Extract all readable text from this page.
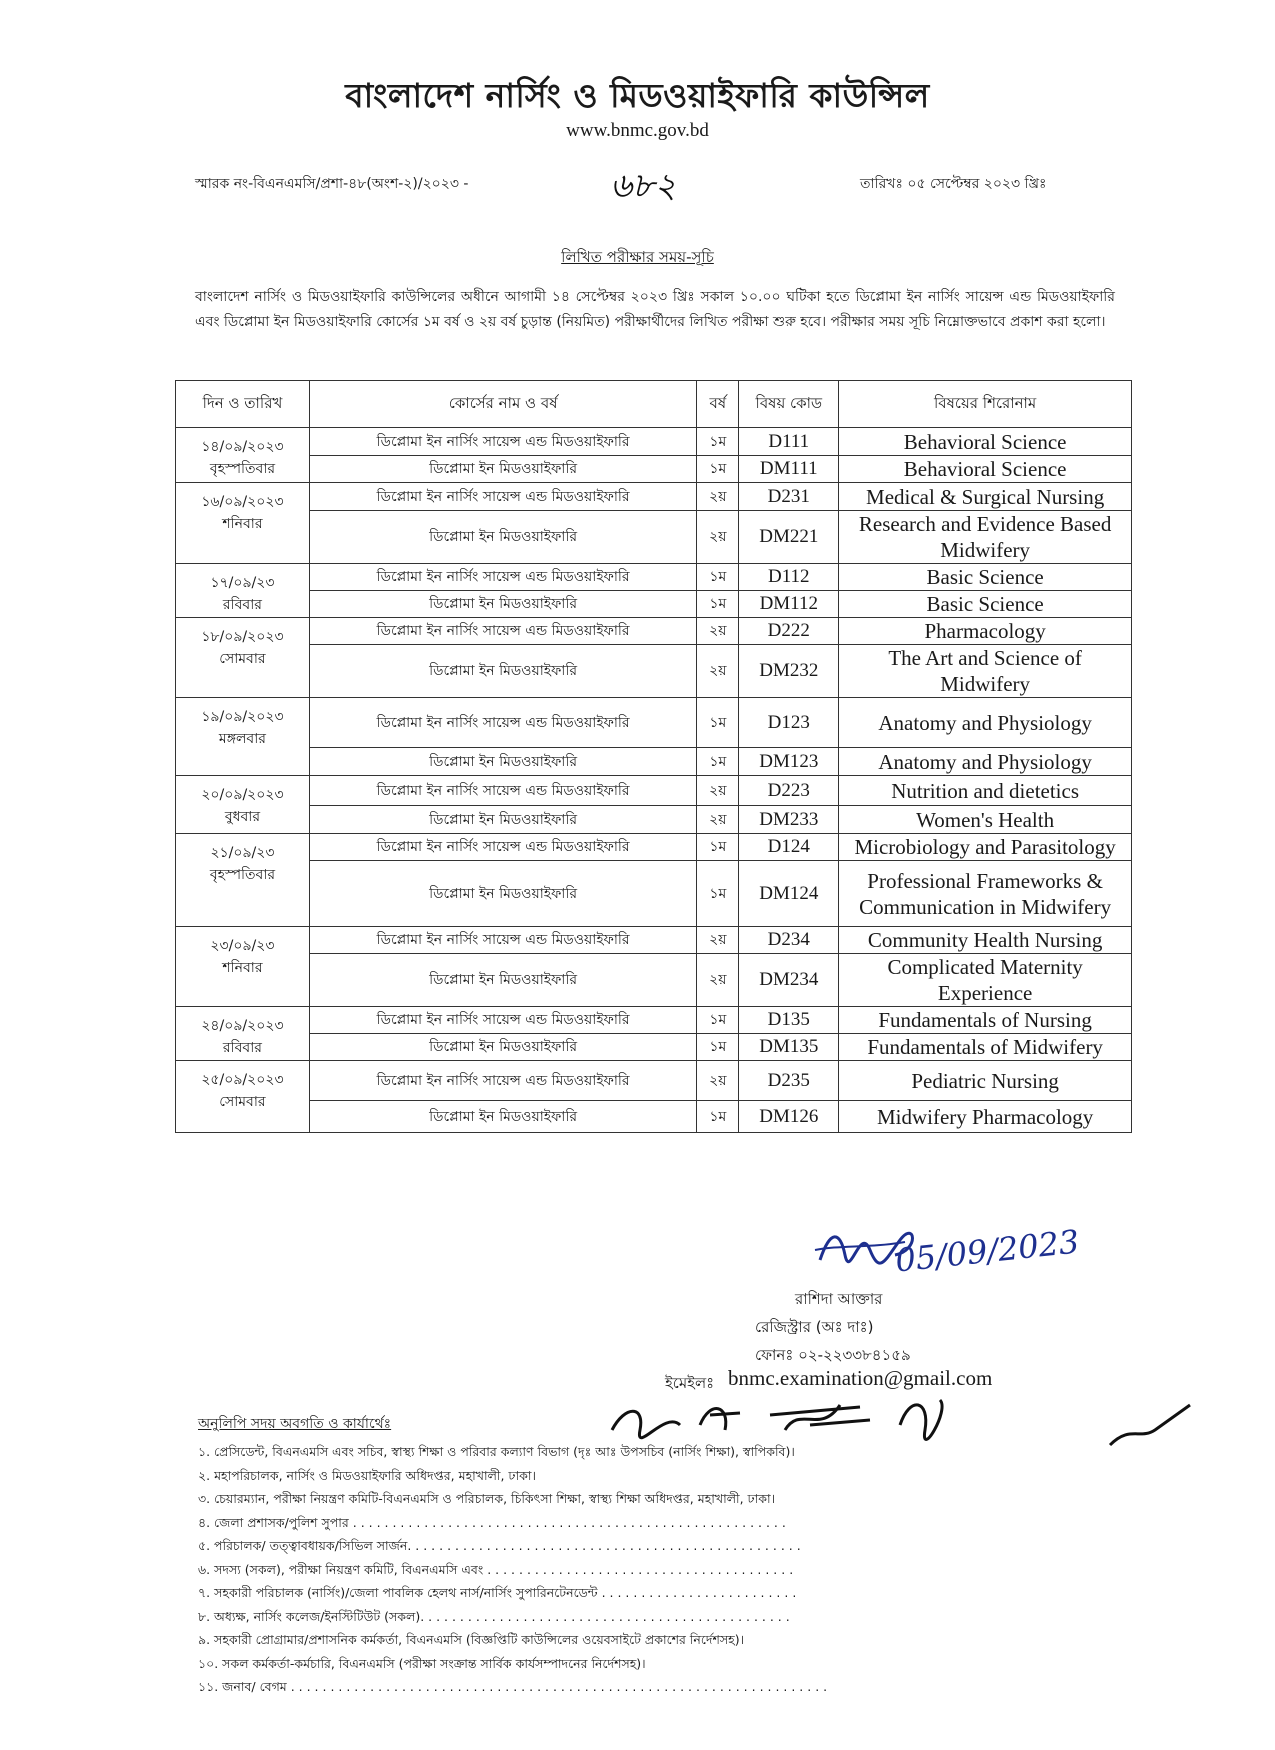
বাংলাদেশ নার্সিং ও মিডওয়াইফারি কাউন্সিল
www.bnmc.gov.bd
স্মারক নং-বিএনএমসি/প্রশা-৪৮(অংশ-২)/২০২৩ -	৬৮২	তারিখঃ ০৫ সেপ্টেম্বর ২০২৩ খ্রিঃ
লিখিত পরীক্ষার সময়-সূচি
বাংলাদেশ নার্সিং ও মিডওয়াইফারি কাউন্সিলের অধীনে আগামী ১৪ সেপ্টেম্বর ২০২৩ খ্রিঃ সকাল ১০.০০ ঘটিকা হতে ডিপ্লোমা ইন নার্সিং সায়েন্স এন্ড মিডওয়াইফারি এবং ডিপ্লোমা ইন মিডওয়াইফারি কোর্সের ১ম বর্ষ ও ২য় বর্ষ চুড়ান্ত (নিয়মিত) পরীক্ষার্থীদের লিখিত পরীক্ষা শুরু হবে। পরীক্ষার সময় সূচি নিম্নোক্তভাবে প্রকাশ করা হলো।
দিন ও তারিখ	কোর্সের নাম ও বর্ষ	বর্ষ	বিষয় কোড	বিষয়ের শিরোনাম

১৪/০৯/২০২৩
বৃহস্পতিবার	ডিপ্লোমা ইন নার্সিং সায়েন্স এন্ড মিডওয়াইফারি	১ম	D111	Behavioral Science
	ডিপ্লোমা ইন মিডওয়াইফারি	১ম	DM111	Behavioral Science

১৬/০৯/২০২৩
শনিবার	ডিপ্লোমা ইন নার্সিং সায়েন্স এন্ড মিডওয়াইফারি	২য়	D231	Medical & Surgical Nursing
	ডিপ্লোমা ইন মিডওয়াইফারি	২য়	DM221	Research and Evidence Based Midwifery

১৭/০৯/২৩
রবিবার	ডিপ্লোমা ইন নার্সিং সায়েন্স এন্ড মিডওয়াইফারি	১ম	D112	Basic Science
	ডিপ্লোমা ইন মিডওয়াইফারি	১ম	DM112	Basic Science

১৮/০৯/২০২৩
সোমবার	ডিপ্লোমা ইন নার্সিং সায়েন্স এন্ড মিডওয়াইফারি	২য়	D222	Pharmacology
	ডিপ্লোমা ইন মিডওয়াইফারি	২য়	DM232	The Art and Science of Midwifery

১৯/০৯/২০২৩
মঙ্গলবার	ডিপ্লোমা ইন নার্সিং সায়েন্স এন্ড মিডওয়াইফারি	১ম	D123	Anatomy and Physiology
	ডিপ্লোমা ইন মিডওয়াইফারি	১ম	DM123	Anatomy and Physiology

২০/০৯/২০২৩
বুধবার	ডিপ্লোমা ইন নার্সিং সায়েন্স এন্ড মিডওয়াইফারি	২য়	D223	Nutrition and dietetics
	ডিপ্লোমা ইন মিডওয়াইফারি	২য়	DM233	Women's Health

২১/০৯/২৩
বৃহস্পতিবার	ডিপ্লোমা ইন নার্সিং সায়েন্স এন্ড মিডওয়াইফারি	১ম	D124	Microbiology and Parasitology
	ডিপ্লোমা ইন মিডওয়াইফারি	১ম	DM124	Professional Frameworks & Communication in Midwifery

২৩/০৯/২৩
শনিবার	ডিপ্লোমা ইন নার্সিং সায়েন্স এন্ড মিডওয়াইফারি	২য়	D234	Community Health Nursing
	ডিপ্লোমা ইন মিডওয়াইফারি	২য়	DM234	Complicated Maternity Experience

২৪/০৯/২০২৩
রবিবার	ডিপ্লোমা ইন নার্সিং সায়েন্স এন্ড মিডওয়াইফারি	১ম	D135	Fundamentals of Nursing
	ডিপ্লোমা ইন মিডওয়াইফারি	১ম	DM135	Fundamentals of Midwifery

২৫/০৯/২০২৩
সোমবার	ডিপ্লোমা ইন নার্সিং সায়েন্স এন্ড মিডওয়াইফারি	২য়	D235	Pediatric Nursing
	ডিপ্লোমা ইন মিডওয়াইফারি	১ম	DM126	Midwifery Pharmacology
05/09/2023
রাশিদা আক্তার
রেজিস্ট্রার (অঃ দাঃ)
ফোনঃ ০২-২২৩৩৮৪১৫৯
ইমেইলঃ bnmc.examination@gmail.com
অনুলিপি সদয় অবগতি ও কার্যার্থেঃ
১. প্রেসিডেন্ট, বিএনএমসি এবং সচিব, স্বাস্থ্য শিক্ষা ও পরিবার কল্যাণ বিভাগ (দৃঃ আঃ উপসচিব (নার্সিং শিক্ষা), স্বাপিকবি)।
২. মহাপরিচালক, নার্সিং ও মিডওয়াইফারি অধিদপ্তর, মহাখালী, ঢাকা।
৩. চেয়ারম্যান, পরীক্ষা নিয়ন্ত্রণ কমিটি-বিএনএমসি ও পরিচালক, চিকিৎসা শিক্ষা, স্বাস্থ্য শিক্ষা অধিদপ্তর, মহাখালী, ঢাকা।
৪. জেলা প্রশাসক/পুলিশ সুপার . . . . . . . . . . . . . . . . . . . . . . . . . . . . . . . . . . . . . . . . . . . . . . . . . . . . . . .
৫. পরিচালক/ তত্ত্বাবধায়ক/সিভিল সার্জন. . . . . . . . . . . . . . . . . . . . . . . . . . . . . . . . . . . . . . . . . . . . . . . . . .
৬. সদস্য (সকল), পরীক্ষা নিয়ন্ত্রণ কমিটি, বিএনএমসি এবং . . . . . . . . . . . . . . . . . . . . . . . . . . . . . . . . . . . . . . .
৭. সহকারী পরিচালক (নার্সিং)/জেলা পাবলিক হেলথ নার্স/নার্সিং সুপারিনটেনডেন্ট . . . . . . . . . . . . . . . . . . . . . . . . .
৮. অধ্যক্ষ, নার্সিং কলেজ/ইনস্টিটিউট (সকল). . . . . . . . . . . . . . . . . . . . . . . . . . . . . . . . . . . . . . . . . . . . . . .
৯. সহকারী প্রোগ্রামার/প্রশাসনিক কর্মকর্তা, বিএনএমসি (বিজ্ঞপ্তিটি কাউন্সিলের ওয়েবসাইটে প্রকাশের নির্দেশসহ)।
১০. সকল কর্মকর্তা-কর্মচারি, বিএনএমসি (পরীক্ষা সংক্রান্ত সার্বিক কার্যসম্পাদনের নির্দেশসহ)।
১১. জনাব/ বেগম . . . . . . . . . . . . . . . . . . . . . . . . . . . . . . . . . . . . . . . . . . . . . . . . . . . . . . . . . . . . . . . . . . . .
